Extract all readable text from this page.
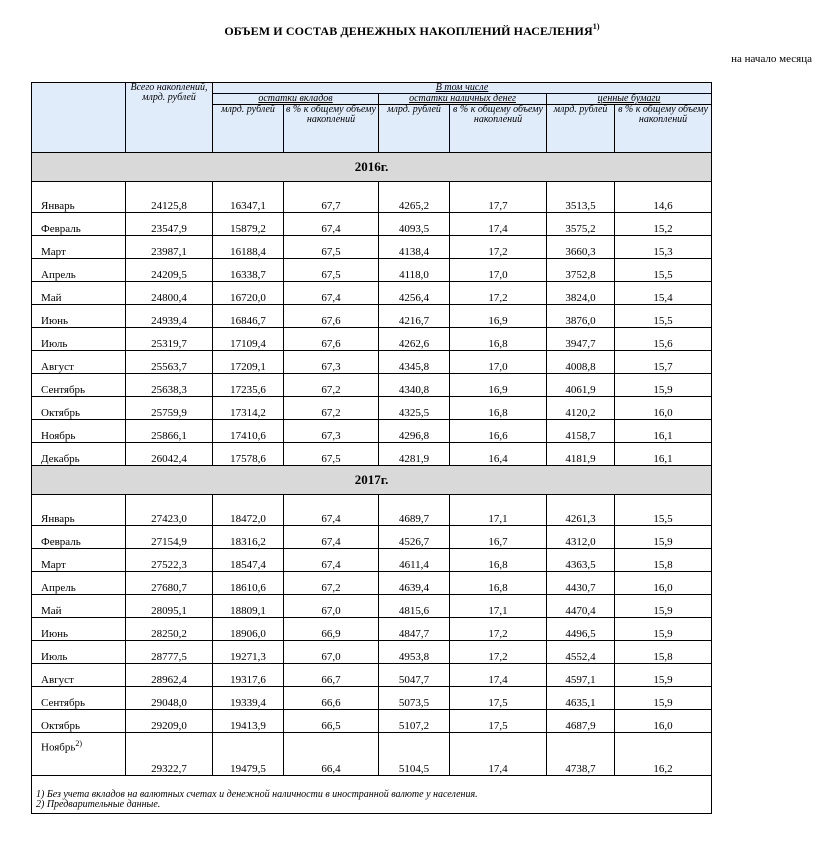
ОБЪЕМ И СОСТАВ ДЕНЕЖНЫХ НАКОПЛЕНИЙ НАСЕЛЕНИЯ$^{1)}$
на начало месяца
	Всего накоплений, млрд. рублей	В том числе					
		остатки вкладов		остатки наличных денег		ценные бумаги	
		млрд. рублей	в % к общему объему накоплений	млрд. рублей	в % к общему объему накоплений	млрд. рублей	в % к общему объему накоплений
2016г.							

Январь	24125,8	16347,1	67,7	4265,2	17,7	3513,5	14,6
Февраль	23547,9	15879,2	67,4	4093,5	17,4	3575,2	15,2
Март	23987,1	16188,4	67,5	4138,4	17,2	3660,3	15,3
Апрель	24209,5	16338,7	67,5	4118,0	17,0	3752,8	15,5
Май	24800,4	16720,0	67,4	4256,4	17,2	3824,0	15,4
Июнь	24939,4	16846,7	67,6	4216,7	16,9	3876,0	15,5
Июль	25319,7	17109,4	67,6	4262,6	16,8	3947,7	15,6
Август	25563,7	17209,1	67,3	4345,8	17,0	4008,8	15,7
Сентябрь	25638,3	17235,6	67,2	4340,8	16,9	4061,9	15,9
Октябрь	25759,9	17314,2	67,2	4325,5	16,8	4120,2	16,0
Ноябрь	25866,1	17410,6	67,3	4296,8	16,6	4158,7	16,1
Декабрь	26042,4	17578,6	67,5	4281,9	16,4	4181,9	16,1
2017г.							

Январь	27423,0	18472,0	67,4	4689,7	17,1	4261,3	15,5
Февраль	27154,9	18316,2	67,4	4526,7	16,7	4312,0	15,9
Март	27522,3	18547,4	67,4	4611,4	16,8	4363,5	15,8
Апрель	27680,7	18610,6	67,2	4639,4	16,8	4430,7	16,0
Май	28095,1	18809,1	67,0	4815,6	17,1	4470,4	15,9
Июнь	28250,2	18906,0	66,9	4847,7	17,2	4496,5	15,9
Июль	28777,5	19271,3	67,0	4953,8	17,2	4552,4	15,8
Август	28962,4	19317,6	66,7	5047,7	17,4	4597,1	15,9
Сентябрь	29048,0	19339,4	66,6	5073,5	17,5	4635,1	15,9
Октябрь	29209,0	19413,9	66,5	5107,2	17,5	4687,9	16,0
Ноябрь$^{2)}$	29322,7	19479,5	66,4	5104,5	17,4	4738,7	16,2

1) Без учета вкладов на валютных счетах и денежной наличности в иностранной валюте у населения.
2) Предварительные данные.							
